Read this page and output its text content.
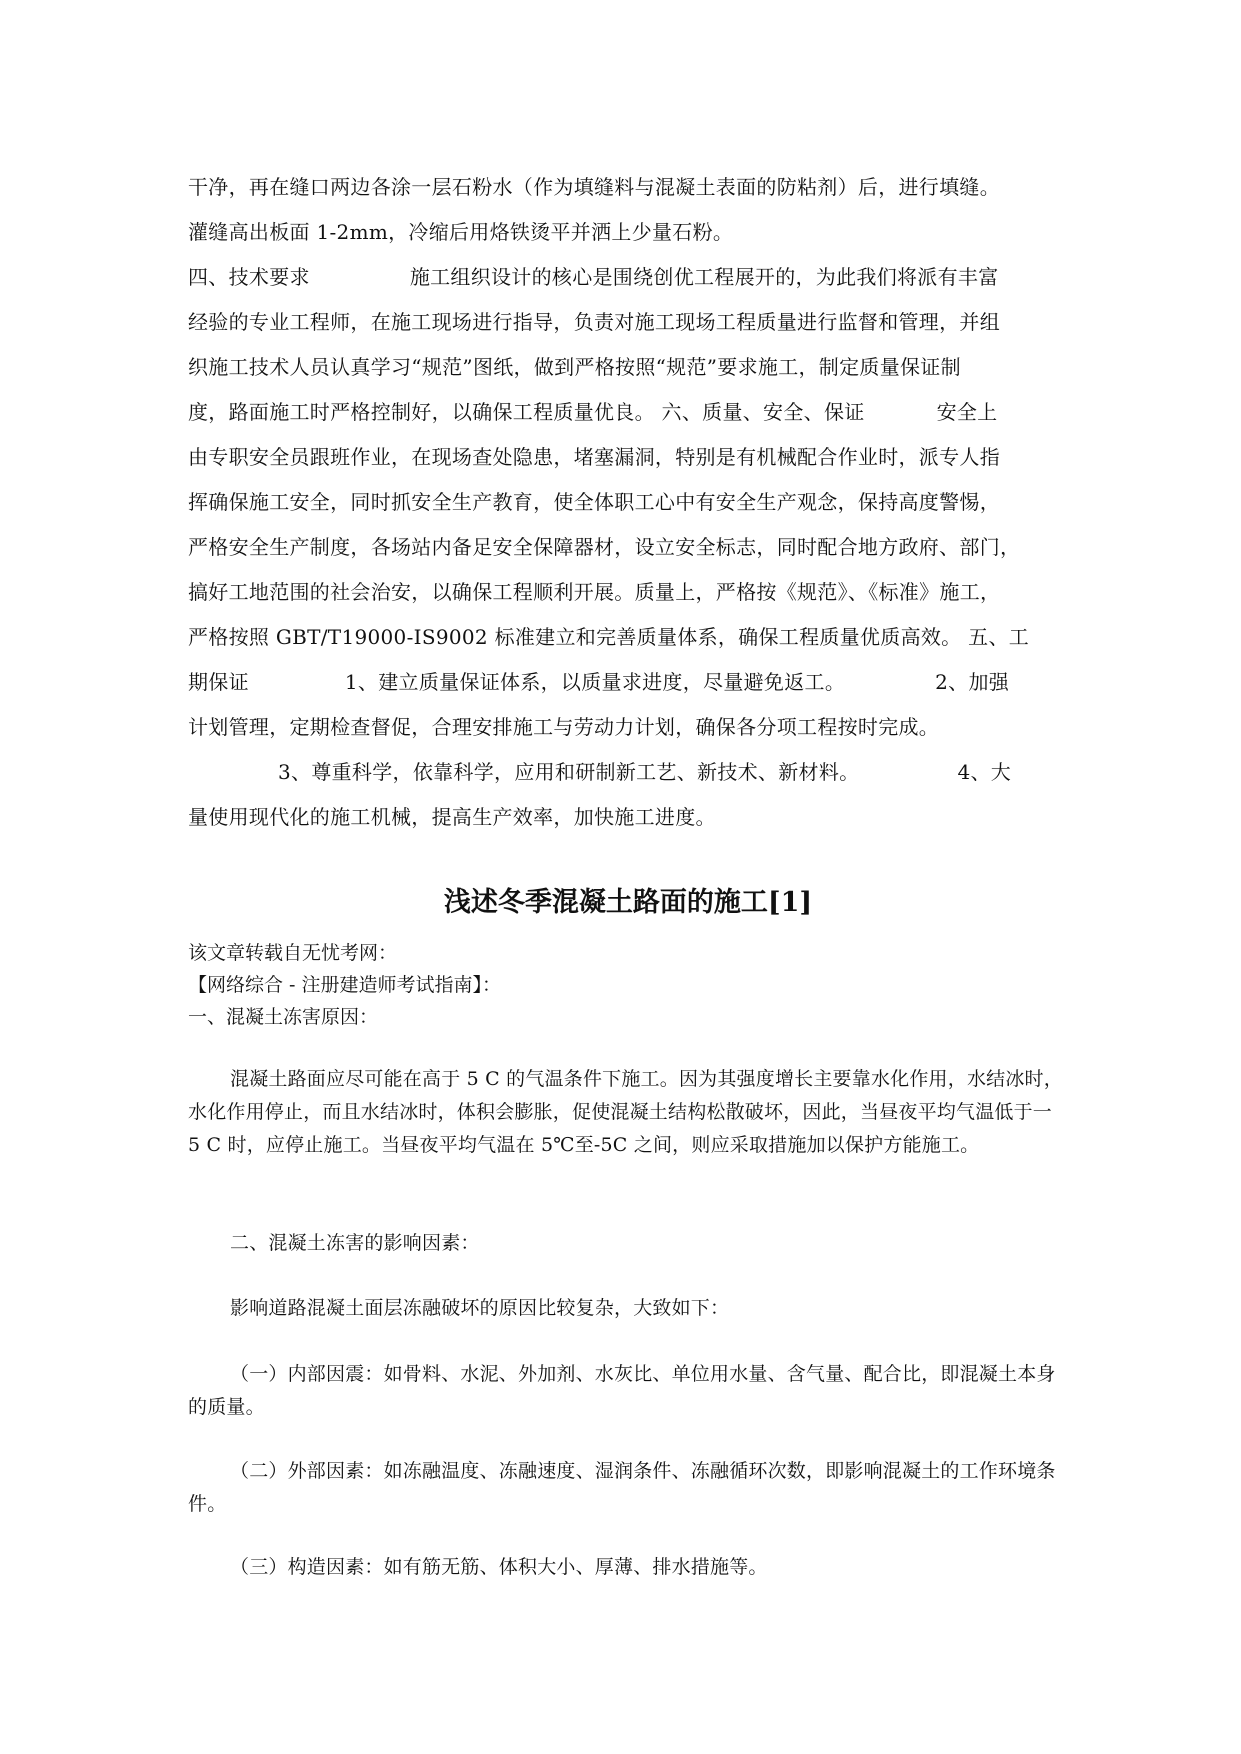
干净，再在缝口两边各涂一层石粉水（作为填缝料与混凝土表面的防粘剂）后，进行填缝。

灌缝高出板面 1-2mm，冷缩后用烙铁烫平并洒上少量石粉。

四、技术要求	施工组织设计的核心是围绕创优工程展开的，为此我们将派有丰富

经验的专业工程师，在施工现场进行指导，负责对施工现场工程质量进行监督和管理，并组

织施工技术人员认真学习“规范”图纸，做到严格按照“规范”要求施工，制定质量保证制

度，路面施工时严格控制好，以确保工程质量优良。 六、质量、安全、保证	安全上

由专职安全员跟班作业，在现场查处隐患，堵塞漏洞，特别是有机械配合作业时，派专人指

挥确保施工安全，同时抓安全生产教育，使全体职工心中有安全生产观念，保持高度警惕，

严格安全生产制度，各场站内备足安全保障器材，设立安全标志，同时配合地方政府、部门，

搞好工地范围的社会治安，以确保工程顺利开展。质量上，严格按《规范》、《标准》施工，

严格按照 GBT/T19000-IS9002 标准建立和完善质量体系，确保工程质量优质高效。 五、工

期保证	1、建立质量保证体系，以质量求进度，尽量避免返工。	2、加强

计划管理，定期检查督促，合理安排施工与劳动力计划，确保各分项工程按时完成。

3、尊重科学，依靠科学，应用和研制新工艺、新技术、新材料。	4、大

量使用现代化的施工机械，提高生产效率，加快施工进度。

浅述冬季混凝土路面的施工[1]
该文章转载自无忧考网：
【网络综合 - 注册建造师考试指南】：
一、混凝土冻害原因：
混凝土路面应尽可能在高于 5 C 的气温条件下施工。因为其强度增长主要靠水化作用，水结冰时，水化作用停止，而且水结冰时，体积会膨胀，促使混凝土结构松散破坏，因此，当昼夜平均气温低于一 5 C 时，应停止施工。当昼夜平均气温在 5℃至-5C 之间，则应采取措施加以保护方能施工。
二、混凝土冻害的影响因素：
影响道路混凝土面层冻融破坏的原因比较复杂，大致如下：
（一）内部因震：如骨料、水泥、外加剂、水灰比、单位用水量、含气量、配合比，即混凝土本身的质量。
（二）外部因素：如冻融温度、冻融速度、湿润条件、冻融循环次数，即影响混凝土的工作环境条件。
（三）构造因素：如有筋无筋、体积大小、厚薄、排水措施等。
